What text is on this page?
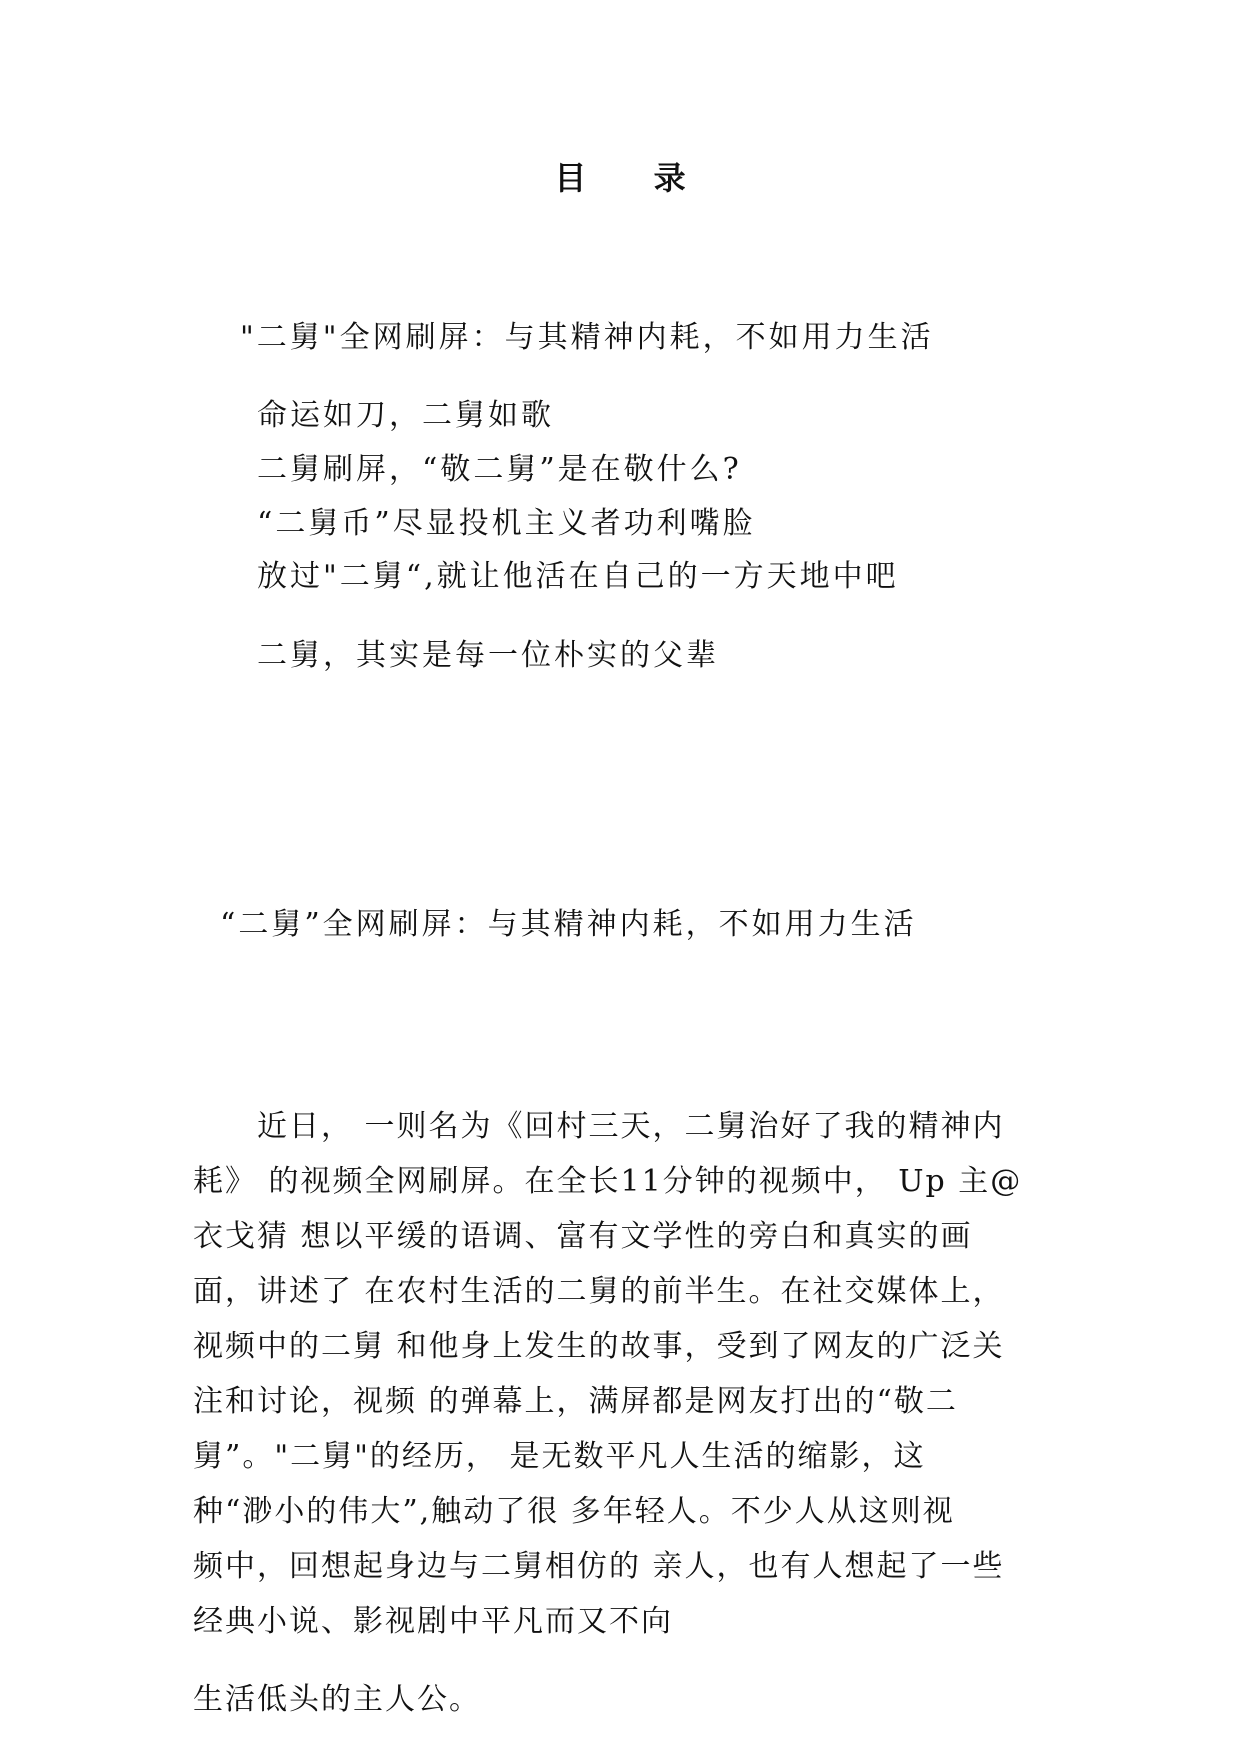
目 录
"二舅"全网刷屏：与其精神内耗，不如用力生活
命运如刀，二舅如歌
二舅刷屏，“敬二舅”是在敬什么?
“二舅币”尽显投机主义者功利嘴脸
放过"二舅“,就让他活在自己的一方天地中吧
二舅，其实是每一位朴实的父辈
“二舅”全网刷屏：与其精神内耗，不如用力生活
近日， 一则名为《回村三天，二舅治好了我的精神内
耗》 的视频全网刷屏。在全长11分钟的视频中， Up 主@
衣戈猜 想以平缓的语调、富有文学性的旁白和真实的画
面，讲述了 在农村生活的二舅的前半生。在社交媒体上，
视频中的二舅 和他身上发生的故事，受到了网友的广泛关
注和讨论，视频 的弹幕上，满屏都是网友打出的“敬二
舅”。"二舅"的经历， 是无数平凡人生活的缩影，这
种“渺小的伟大”,触动了很 多年轻人。不少人从这则视
频中，回想起身边与二舅相仿的 亲人，也有人想起了一些
经典小说、影视剧中平凡而又不向
生活低头的主人公。
